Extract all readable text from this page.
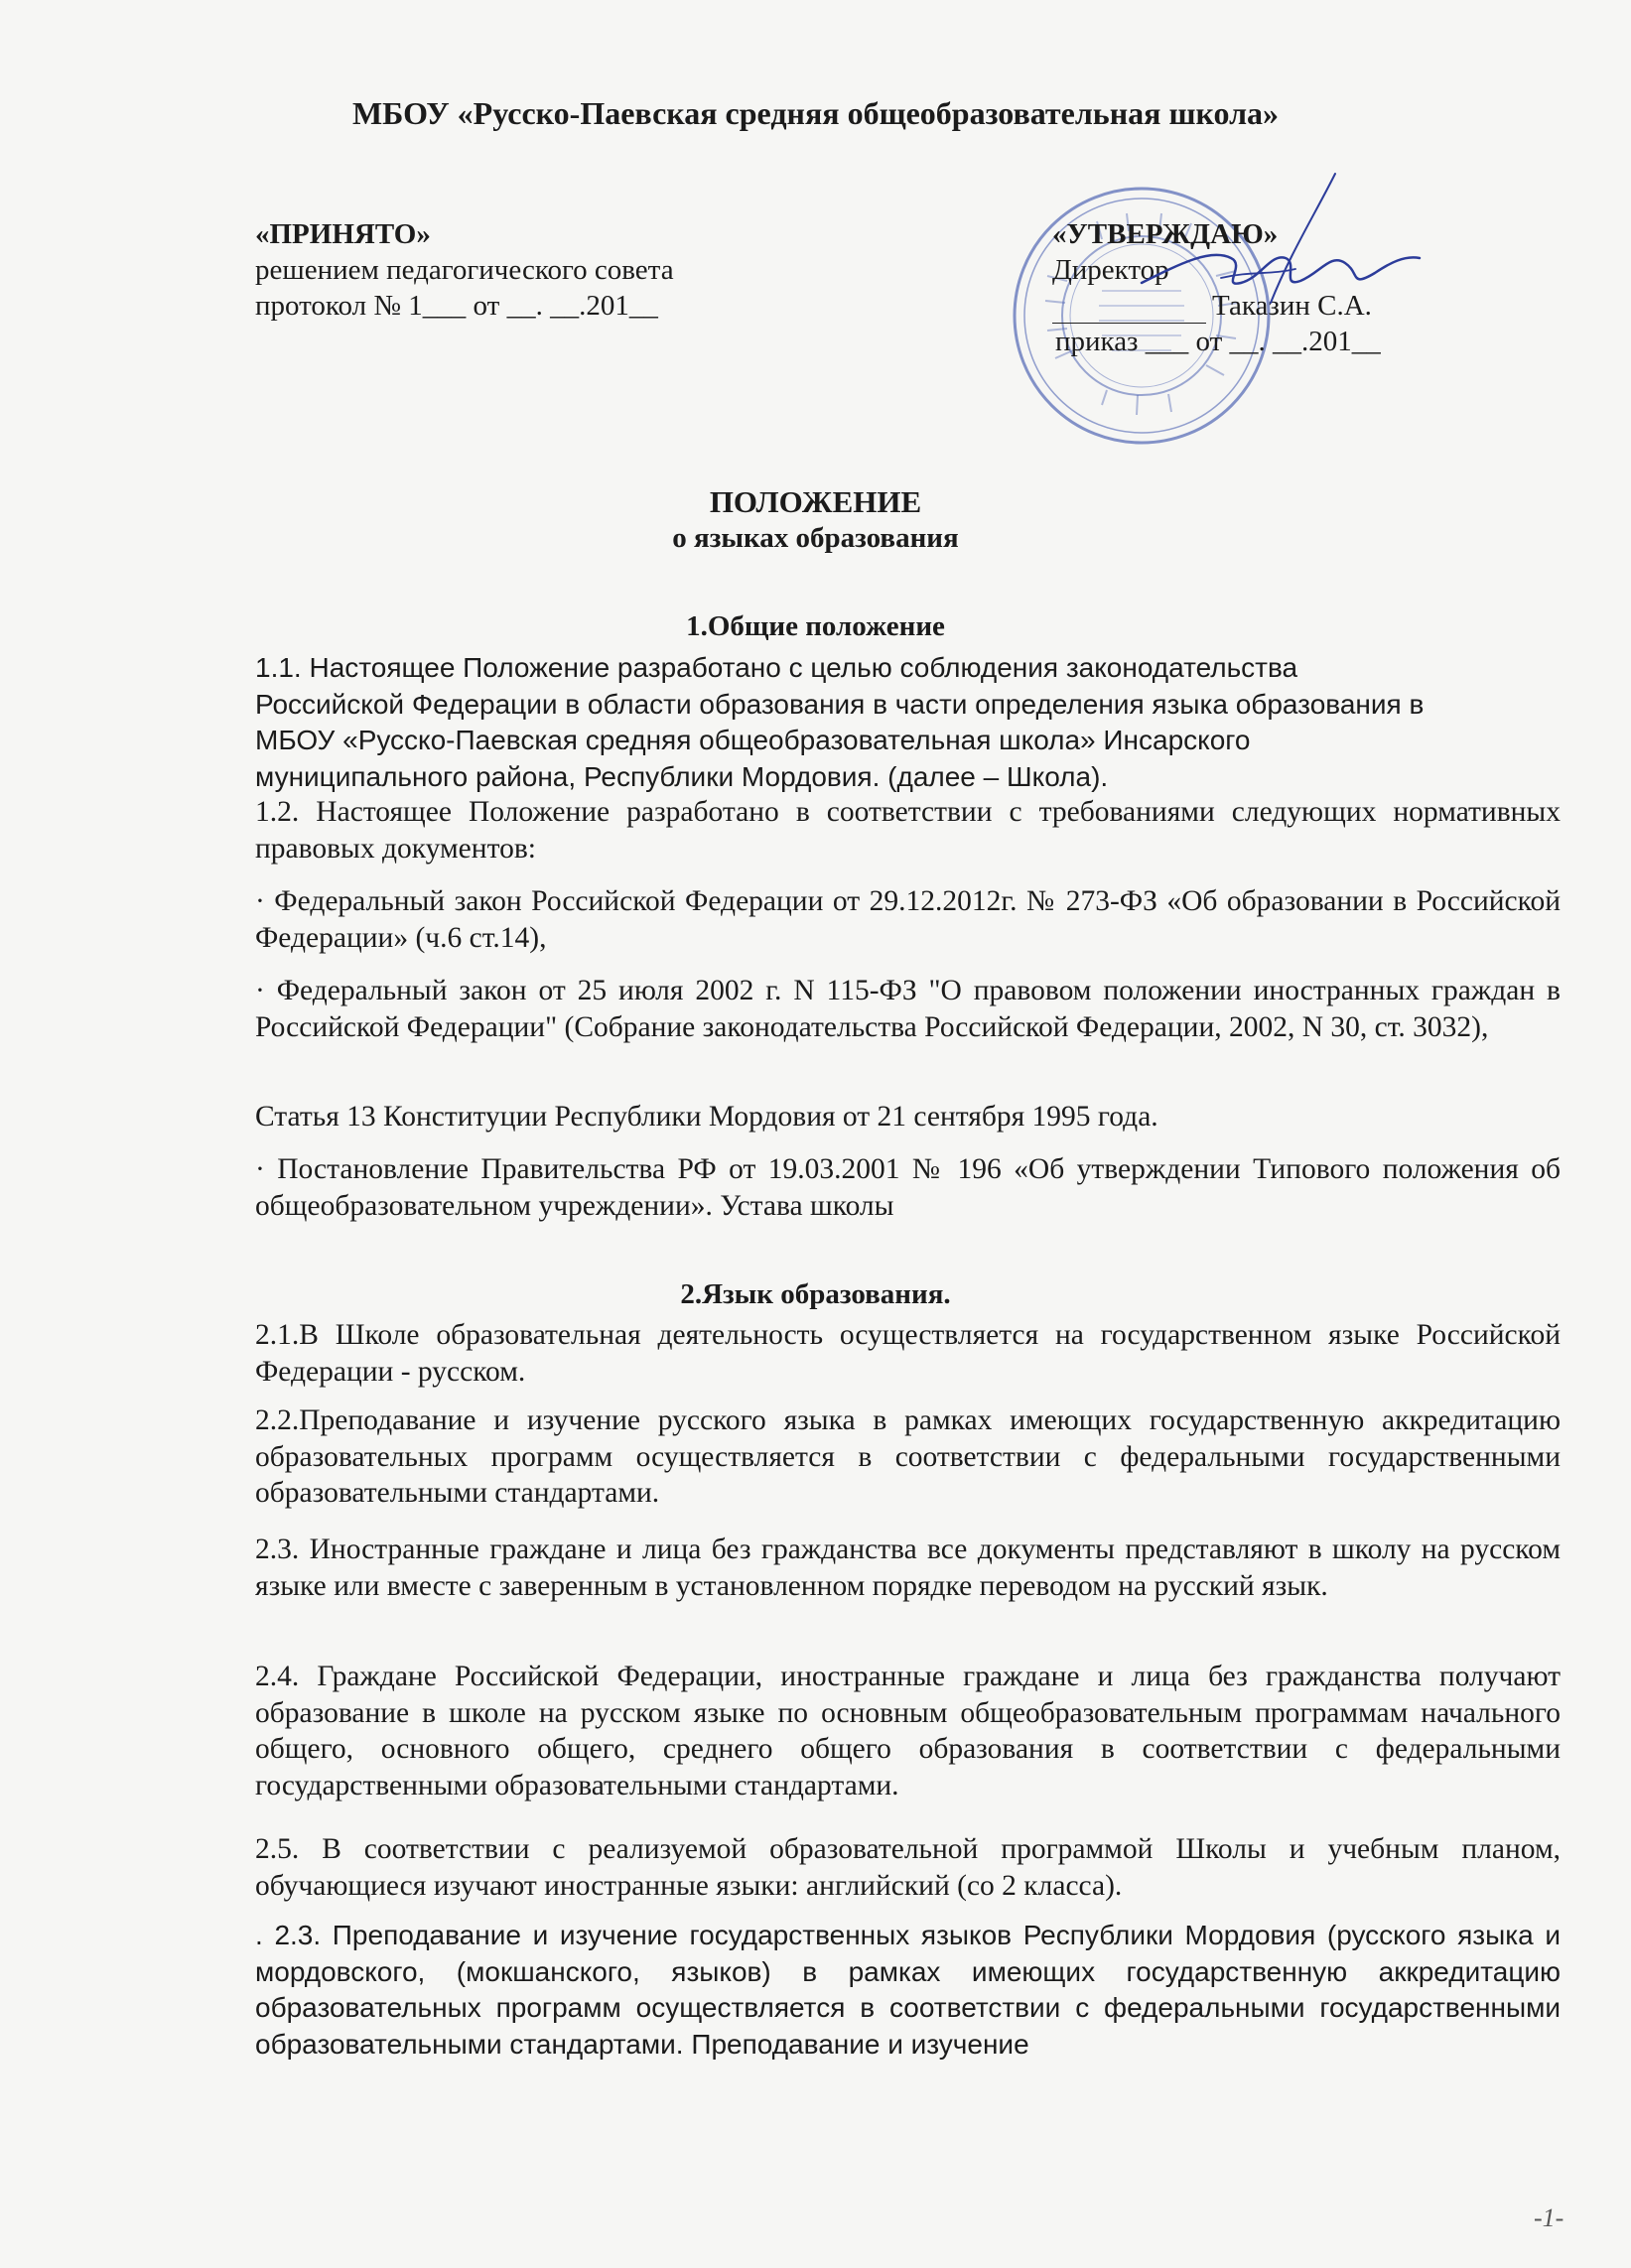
МБОУ «Русско-Паевская средняя общеобразовательная школа»
«ПРИНЯТО»
решением педагогического совета
протокол № 1___ от __. __.201__
«УТВЕРЖДАЮ»
Директор
Таказин С.А.
приказ ___ от __. __.201__
ПОЛОЖЕНИЕ
о языках образования
1.Общие положение

1.1. Настоящее Положение разработано с целью соблюдения законодательства Российской Федерации в области образования в части определения языка образования в МБОУ «Русско-Паевская средняя общеобразовательная школа» Инсарского муниципального района, Республики Мордовия. (далее – Школа).

1.2. Настоящее Положение разработано в соответствии с требованиями следующих нормативных правовых документов:

· Федеральный закон Российской Федерации от 29.12.2012г. № 273-ФЗ «Об образовании в Российской Федерации» (ч.6 ст.14),

· Федеральный закон от 25 июля 2002 г. N 115-ФЗ "О правовом положении иностранных граждан в Российской Федерации" (Собрание законодательства Российской Федерации, 2002, N 30, ст. 3032),

Статья 13 Конституции Республики Мордовия от 21 сентября 1995 года.

· Постановление Правительства РФ от 19.03.2001 № 196 «Об утверждении Типового положения об общеобразовательном учреждении». Устава школы

2.Язык образования.

2.1.В Школе образовательная деятельность осуществляется на государственном языке Российской Федерации - русском.

2.2.Преподавание и изучение русского языка в рамках имеющих государственную аккредитацию образовательных программ осуществляется в соответствии с федеральными государственными образовательными стандартами.

2.3. Иностранные граждане и лица без гражданства все документы представляют в школу на русском языке или вместе с заверенным в установленном порядке переводом на русский язык.

2.4. Граждане Российской Федерации, иностранные граждане и лица без гражданства получают образование в школе на русском языке по основным общеобразовательным программам начального общего, основного общего, среднего общего образования в соответствии с федеральными государственными образовательными стандартами.

2.5. В соответствии с реализуемой образовательной программой Школы и учебным планом, обучающиеся изучают иностранные языки: английский (со 2 класса).

. 2.3. Преподавание и изучение государственных языков Республики Мордовия (русского языка и мордовского, (мокшанского, языков) в рамках имеющих государственную аккредитацию образовательных программ осуществляется в соответствии с федеральными государственными образовательными стандартами. Преподавание и изучение

-1-
